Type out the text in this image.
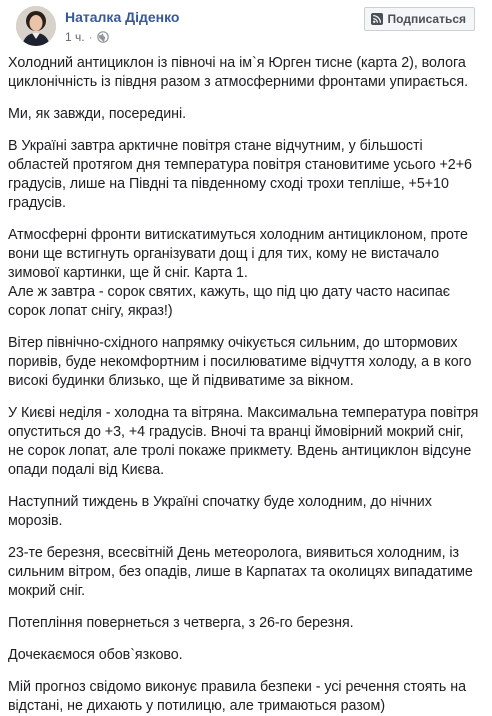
Наталка Діденко
1 ч. ·
Подписаться

Холодний антициклон із півночі на ім`я Юрген тисне (карта 2), волога циклонічність із півдня разом з атмосферними фронтами упирається.

Ми, як завжди, посередині.

В Україні завтра арктичне повітря стане відчутним, у більшості областей протягом дня температура повітря становитиме усього +2+6 градусів, лише на Півдні та південному сході трохи тепліше, +5+10 градусів.

Атмосферні фронти витискатимуться холодним антициклоном, проте вони ще встигнуть організувати дощ і для тих, кому не вистачало зимової картинки, ще й сніг. Карта 1.

Але ж завтра - сорок святих, кажуть, що під цю дату часто насипає сорок лопат снігу, якраз!)

Вітер північно-східного напрямку очікується сильним, до штормових поривів, буде некомфортним і посилюватиме відчуття холоду, а в кого високі будинки близько, ще й підвиватиме за вікном.

У Києві неділя - холодна та вітряна. Максимальна температура повітря опуститься до +3, +4 градусів. Вночі та вранці ймовірний мокрий сніг, не сорок лопат, але тролі покаже прикмету. Вдень антициклон відсуне опади подалі від Києва.

Наступний тиждень в Україні спочатку буде холодним, до нічних морозів.

23-те березня, всесвітній День метеоролога, виявиться холодним, із сильним вітром, без опадів, лише в Карпатах та околицях випадатиме мокрий сніг.

Потепління повернеться з четверга, з 26-го березня.

Дочекаємося обов`язково.

Мій прогноз свідомо виконує правила безпеки - усі речення стоять на відстані, не дихають у потилицю, але тримаються разом)
